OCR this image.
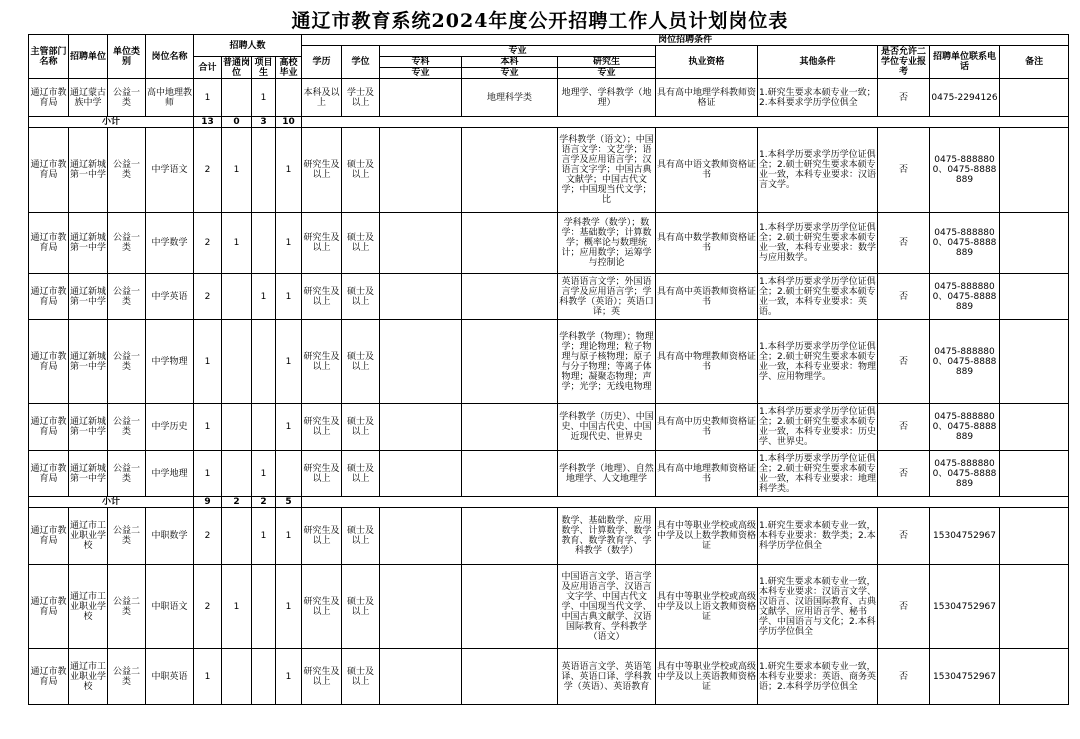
通辽市教育系统2024年度公开招聘工作人员计划岗位表
主管部门名称	招聘单位	单位类别	岗位名称	招聘人数				岗位招聘条件									
								学历	学位	专业			执业资格	其他条件	是否允许二学位专业报考	招聘单位联系电话	备注
				合计	普通岗位	项目生	高校毕业			专科	本科	研究生					
										专业	专业	专业					
通辽市教育局	通辽蒙古族中学	公益一类	高中地理教师	1		1		本科及以上	学士及以上		地理科学类	地理学、学科教学（地理）	具有高中地理学科教师资格证	1.研究生要求本硕专业一致；2.本科要求学历学位俱全	否	0475-2294126	
小计				13	0	3	10										
通辽市教育局	通辽新城第一中学	公益一类	中学语文	2	1		1	研究生及以上	硕士及以上			学科教学（语文）；中国语言文学：文艺学；语言学及应用语言学；汉语言文字学；中国古典文献学；中国古代文学；中国现当代文学；比	具有高中语文教师资格证书	1.本科学历要求学历学位证俱全；2.硕士研究生要求本硕专业一致，本科专业要求：汉语言文学。	否	0475-8888800、0475-8888889	
通辽市教育局	通辽新城第一中学	公益一类	中学数学	2	1		1	研究生及以上	硕士及以上			学科教学（数学）；数学：基础数学；计算数学；概率论与数理统计；应用数学；运筹学与控制论	具有高中数学教师资格证书	1.本科学历要求学历学位证俱全；2.硕士研究生要求本硕专业一致，本科专业要求：数学与应用数学。	否	0475-8888800、0475-8888889	
通辽市教育局	通辽新城第一中学	公益一类	中学英语	2		1	1	研究生及以上	硕士及以上			英语语言文学；外国语言学及应用语言学；学科教学（英语）；英语口译；英	具有高中英语教师资格证书	1.本科学历要求学历学位证俱全；2.硕士研究生要求本硕专业一致，本科专业要求：英语。	否	0475-8888800、0475-8888889	
通辽市教育局	通辽新城第一中学	公益一类	中学物理	1			1	研究生及以上	硕士及以上			学科教学（物理）；物理学；理论物理；粒子物理与原子核物理；原子与分子物理；等离子体物理；凝聚态物理；声学；光学；无线电物理	具有高中物理教师资格证书	1.本科学历要求学历学位证俱全；2.硕士研究生要求本硕专业一致，本科专业要求：物理学、应用物理学。	否	0475-8888800、0475-8888889	
通辽市教育局	通辽新城第一中学	公益一类	中学历史	1			1	研究生及以上	硕士及以上			学科教学（历史）、中国史、中国古代史、中国近现代史、世界史	具有高中历史教师资格证书	1.本科学历要求学历学位证俱全；2.硕士研究生要求本硕专业一致，本科专业要求：历史学、世界史。	否	0475-8888800、0475-8888889	
通辽市教育局	通辽新城第一中学	公益一类	中学地理	1		1		研究生及以上	硕士及以上			学科教学（地理）、自然地理学、人文地理学	具有高中地理教师资格证书	1.本科学历要求学历学位证俱全；2.硕士研究生要求本硕专业一致，本科专业要求：地理科学类。	否	0475-8888800、0475-8888889	
小计				9	2	2	5										
通辽市教育局	通辽市工业职业学校	公益二类	中职数学	2		1	1	研究生及以上	硕士及以上			数学、基础数学、应用数学、计算数学、数学教育、数学教育学、学科教学（数学）	具有中等职业学校或高级中学及以上数学教师资格证	1.研究生要求本硕专业一致，本科专业要求：数学类；2.本科学历学位俱全	否	15304752967	
通辽市教育局	通辽市工业职业学校	公益二类	中职语文	2	1		1	研究生及以上	硕士及以上			中国语言文学、语言学及应用语言学、汉语言文字学、中国古代文学、中国现当代文学、中国古典文献学、汉语国际教育、学科教学（语文）	具有中等职业学校或高级中学及以上语文教师资格证	1.研究生要求本硕专业一致，本科专业要求：汉语言文学、汉语言、汉语国际教育、古典文献学、应用语言学、秘书学、中国语言与文化；2.本科学历学位俱全	否	15304752967	
通辽市教育局	通辽市工业职业学校	公益二类	中职英语	1			1	研究生及以上	硕士及以上			英语语言文学、英语笔译、英语口译、学科教学（英语）、英语教育	具有中等职业学校或高级中学及以上英语教师资格证	1.研究生要求本硕专业一致，本科专业要求：英语、商务英语；2.本科学历学位俱全	否	15304752967	
